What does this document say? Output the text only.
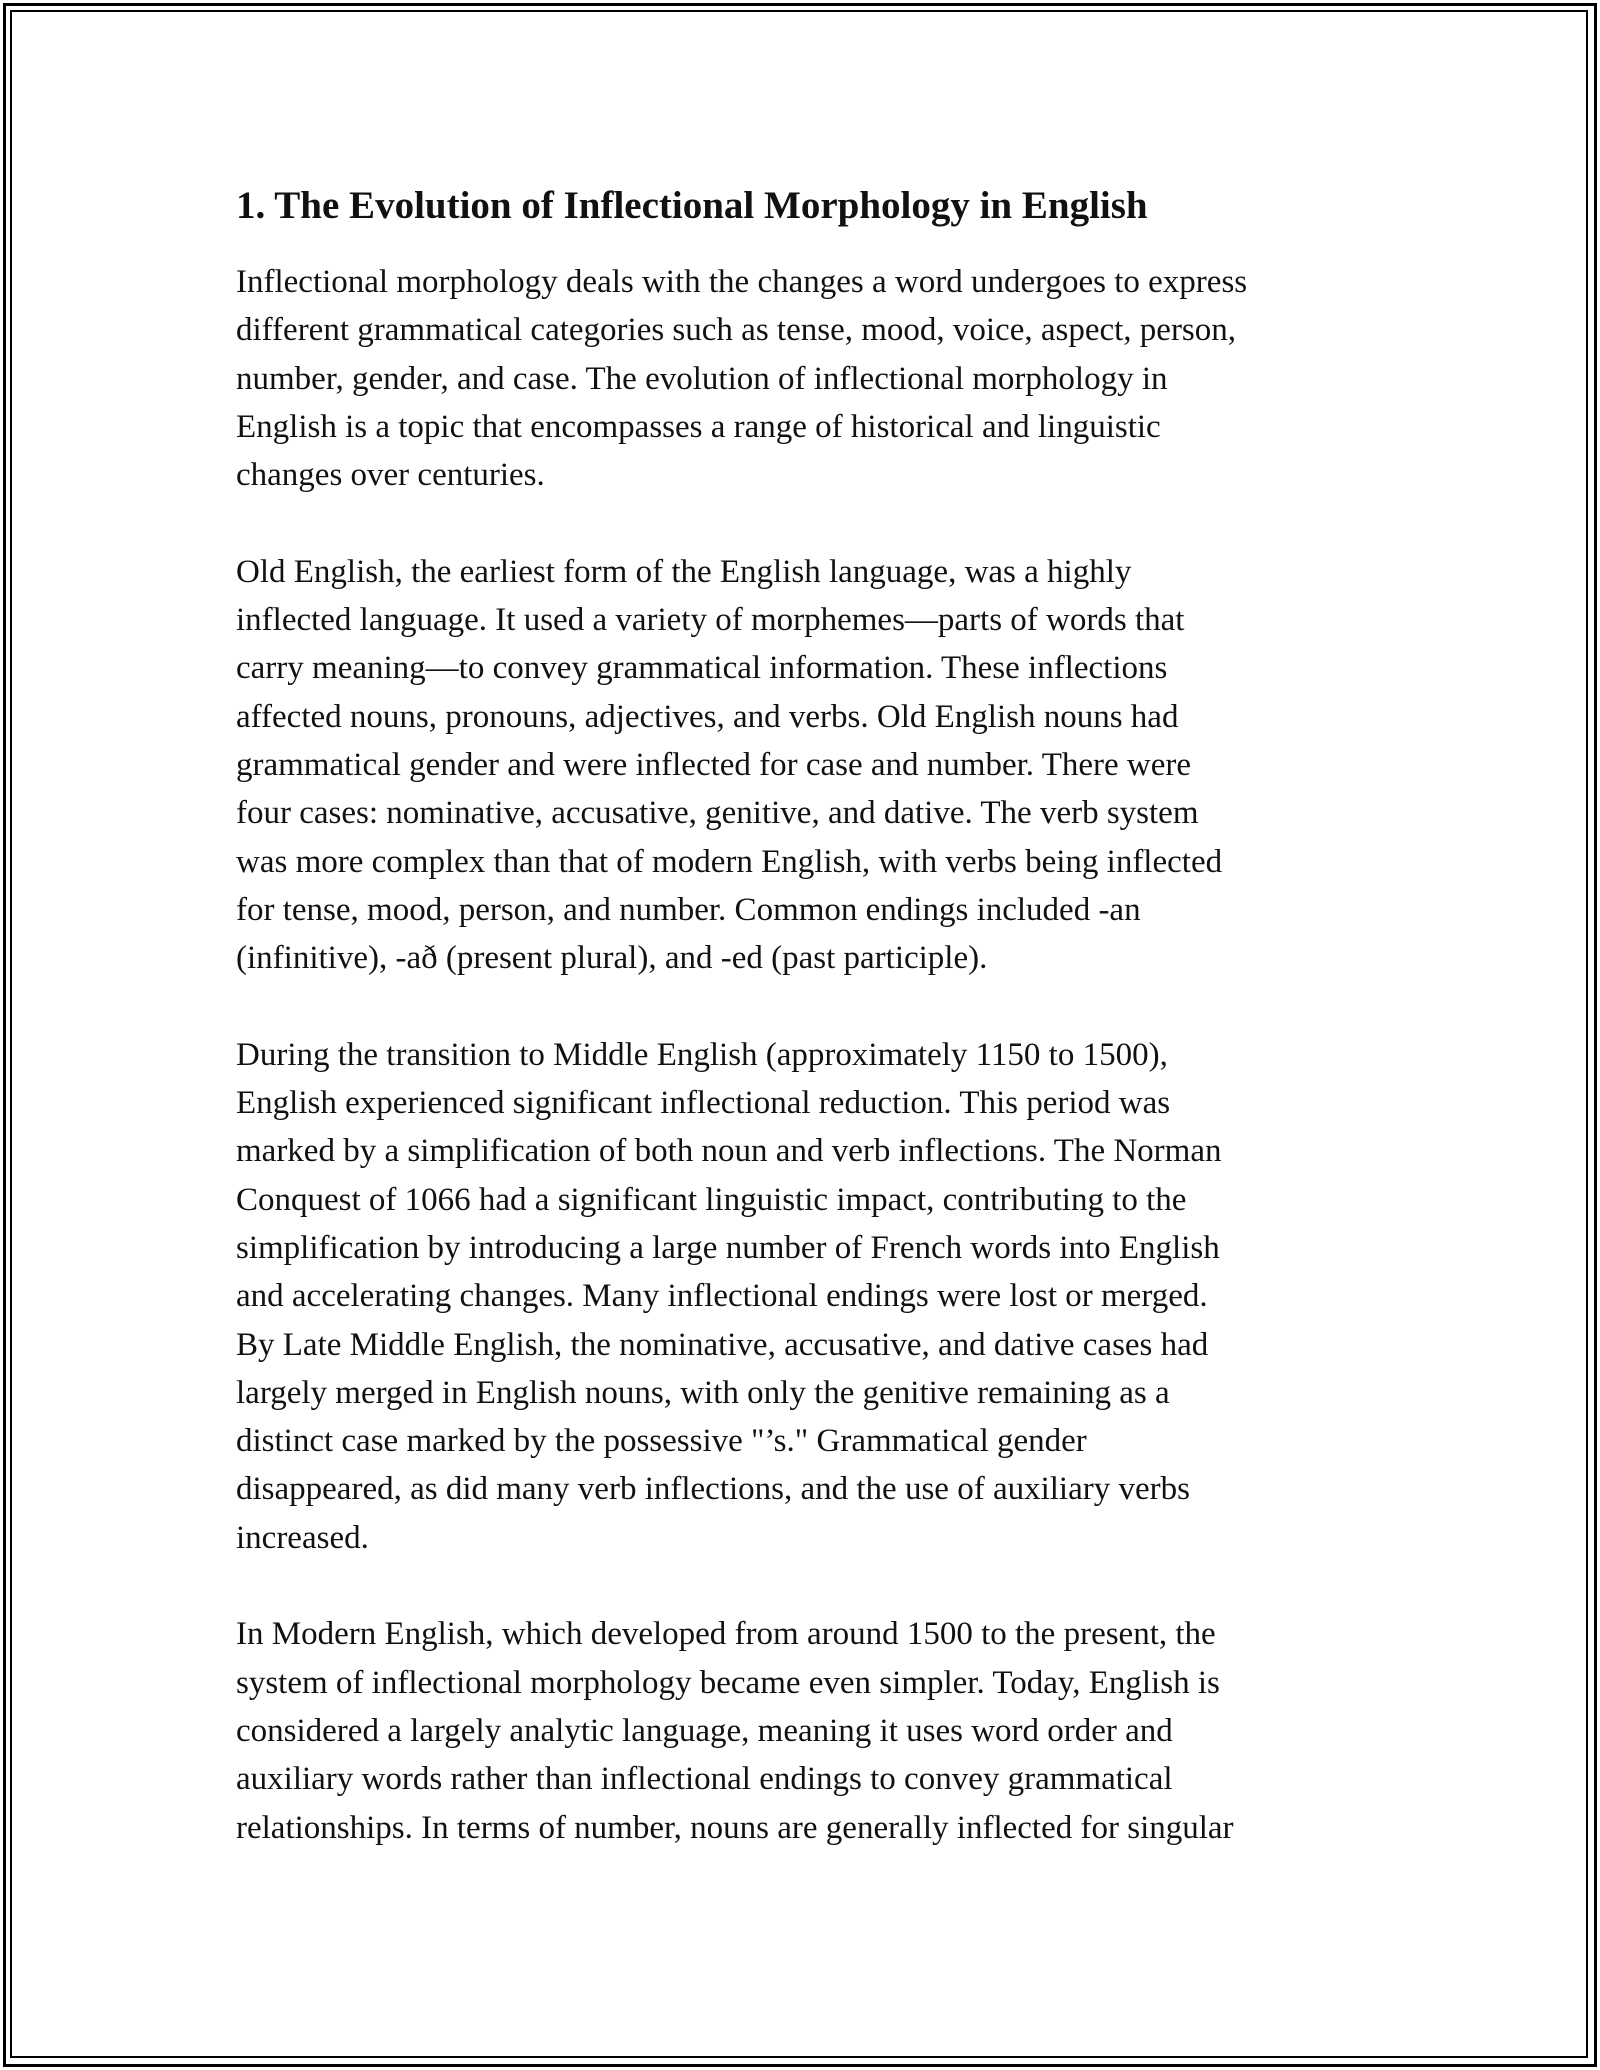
1. The Evolution of Inflectional Morphology in English

Inflectional morphology deals with the changes a word undergoes to express
different grammatical categories such as tense, mood, voice, aspect, person,
number, gender, and case. The evolution of inflectional morphology in
English is a topic that encompasses a range of historical and linguistic
changes over centuries.

Old English, the earliest form of the English language, was a highly
inflected language. It used a variety of morphemes—parts of words that
carry meaning—to convey grammatical information. These inflections
affected nouns, pronouns, adjectives, and verbs. Old English nouns had
grammatical gender and were inflected for case and number. There were
four cases: nominative, accusative, genitive, and dative. The verb system
was more complex than that of modern English, with verbs being inflected
for tense, mood, person, and number. Common endings included -an
(infinitive), -að (present plural), and -ed (past participle).

During the transition to Middle English (approximately 1150 to 1500),
English experienced significant inflectional reduction. This period was
marked by a simplification of both noun and verb inflections. The Norman
Conquest of 1066 had a significant linguistic impact, contributing to the
simplification by introducing a large number of French words into English
and accelerating changes. Many inflectional endings were lost or merged.
By Late Middle English, the nominative, accusative, and dative cases had
largely merged in English nouns, with only the genitive remaining as a
distinct case marked by the possessive "’s." Grammatical gender
disappeared, as did many verb inflections, and the use of auxiliary verbs
increased.

In Modern English, which developed from around 1500 to the present, the
system of inflectional morphology became even simpler. Today, English is
considered a largely analytic language, meaning it uses word order and
auxiliary words rather than inflectional endings to convey grammatical
relationships. In terms of number, nouns are generally inflected for singular
